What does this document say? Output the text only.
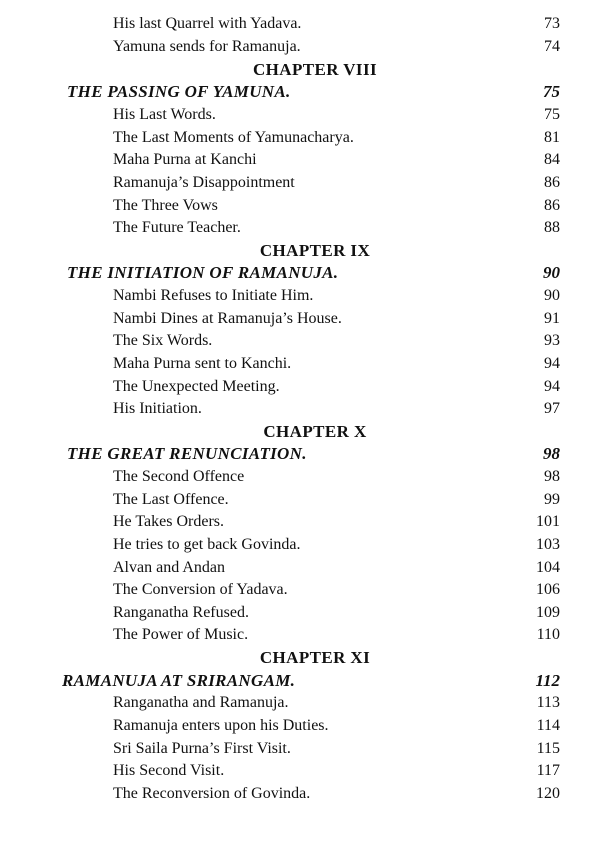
His last Quarrel with Yadava.	73
Yamuna sends for Ramanuja.	74
CHAPTER VIII
THE PASSING OF YAMUNA.	75
His Last Words.	75
The Last Moments of Yamunacharya.	81
Maha Purna at Kanchi	84
Ramanuja’s Disappointment	86
The Three Vows	86
The Future Teacher.	88
CHAPTER IX
THE INITIATION OF RAMANUJA.	90
Nambi Refuses to Initiate Him.	90
Nambi Dines at Ramanuja’s House.	91
The Six Words.	93
Maha Purna sent to Kanchi.	94
The Unexpected Meeting.	94
His Initiation.	97
CHAPTER X
THE GREAT RENUNCIATION.	98
The Second Offence	98
The Last Offence.	99
He Takes Orders.	101
He tries to get back Govinda.	103
Alvan and Andan	104
The Conversion of Yadava.	106
Ranganatha Refused.	109
The Power of Music.	110
CHAPTER XI
RAMANUJA AT SRIRANGAM.	112
Ranganatha and Ramanuja.	113
Ramanuja enters upon his Duties.	114
Sri Saila Purna’s First Visit.	115
His Second Visit.	117
The Reconversion of Govinda.	120
